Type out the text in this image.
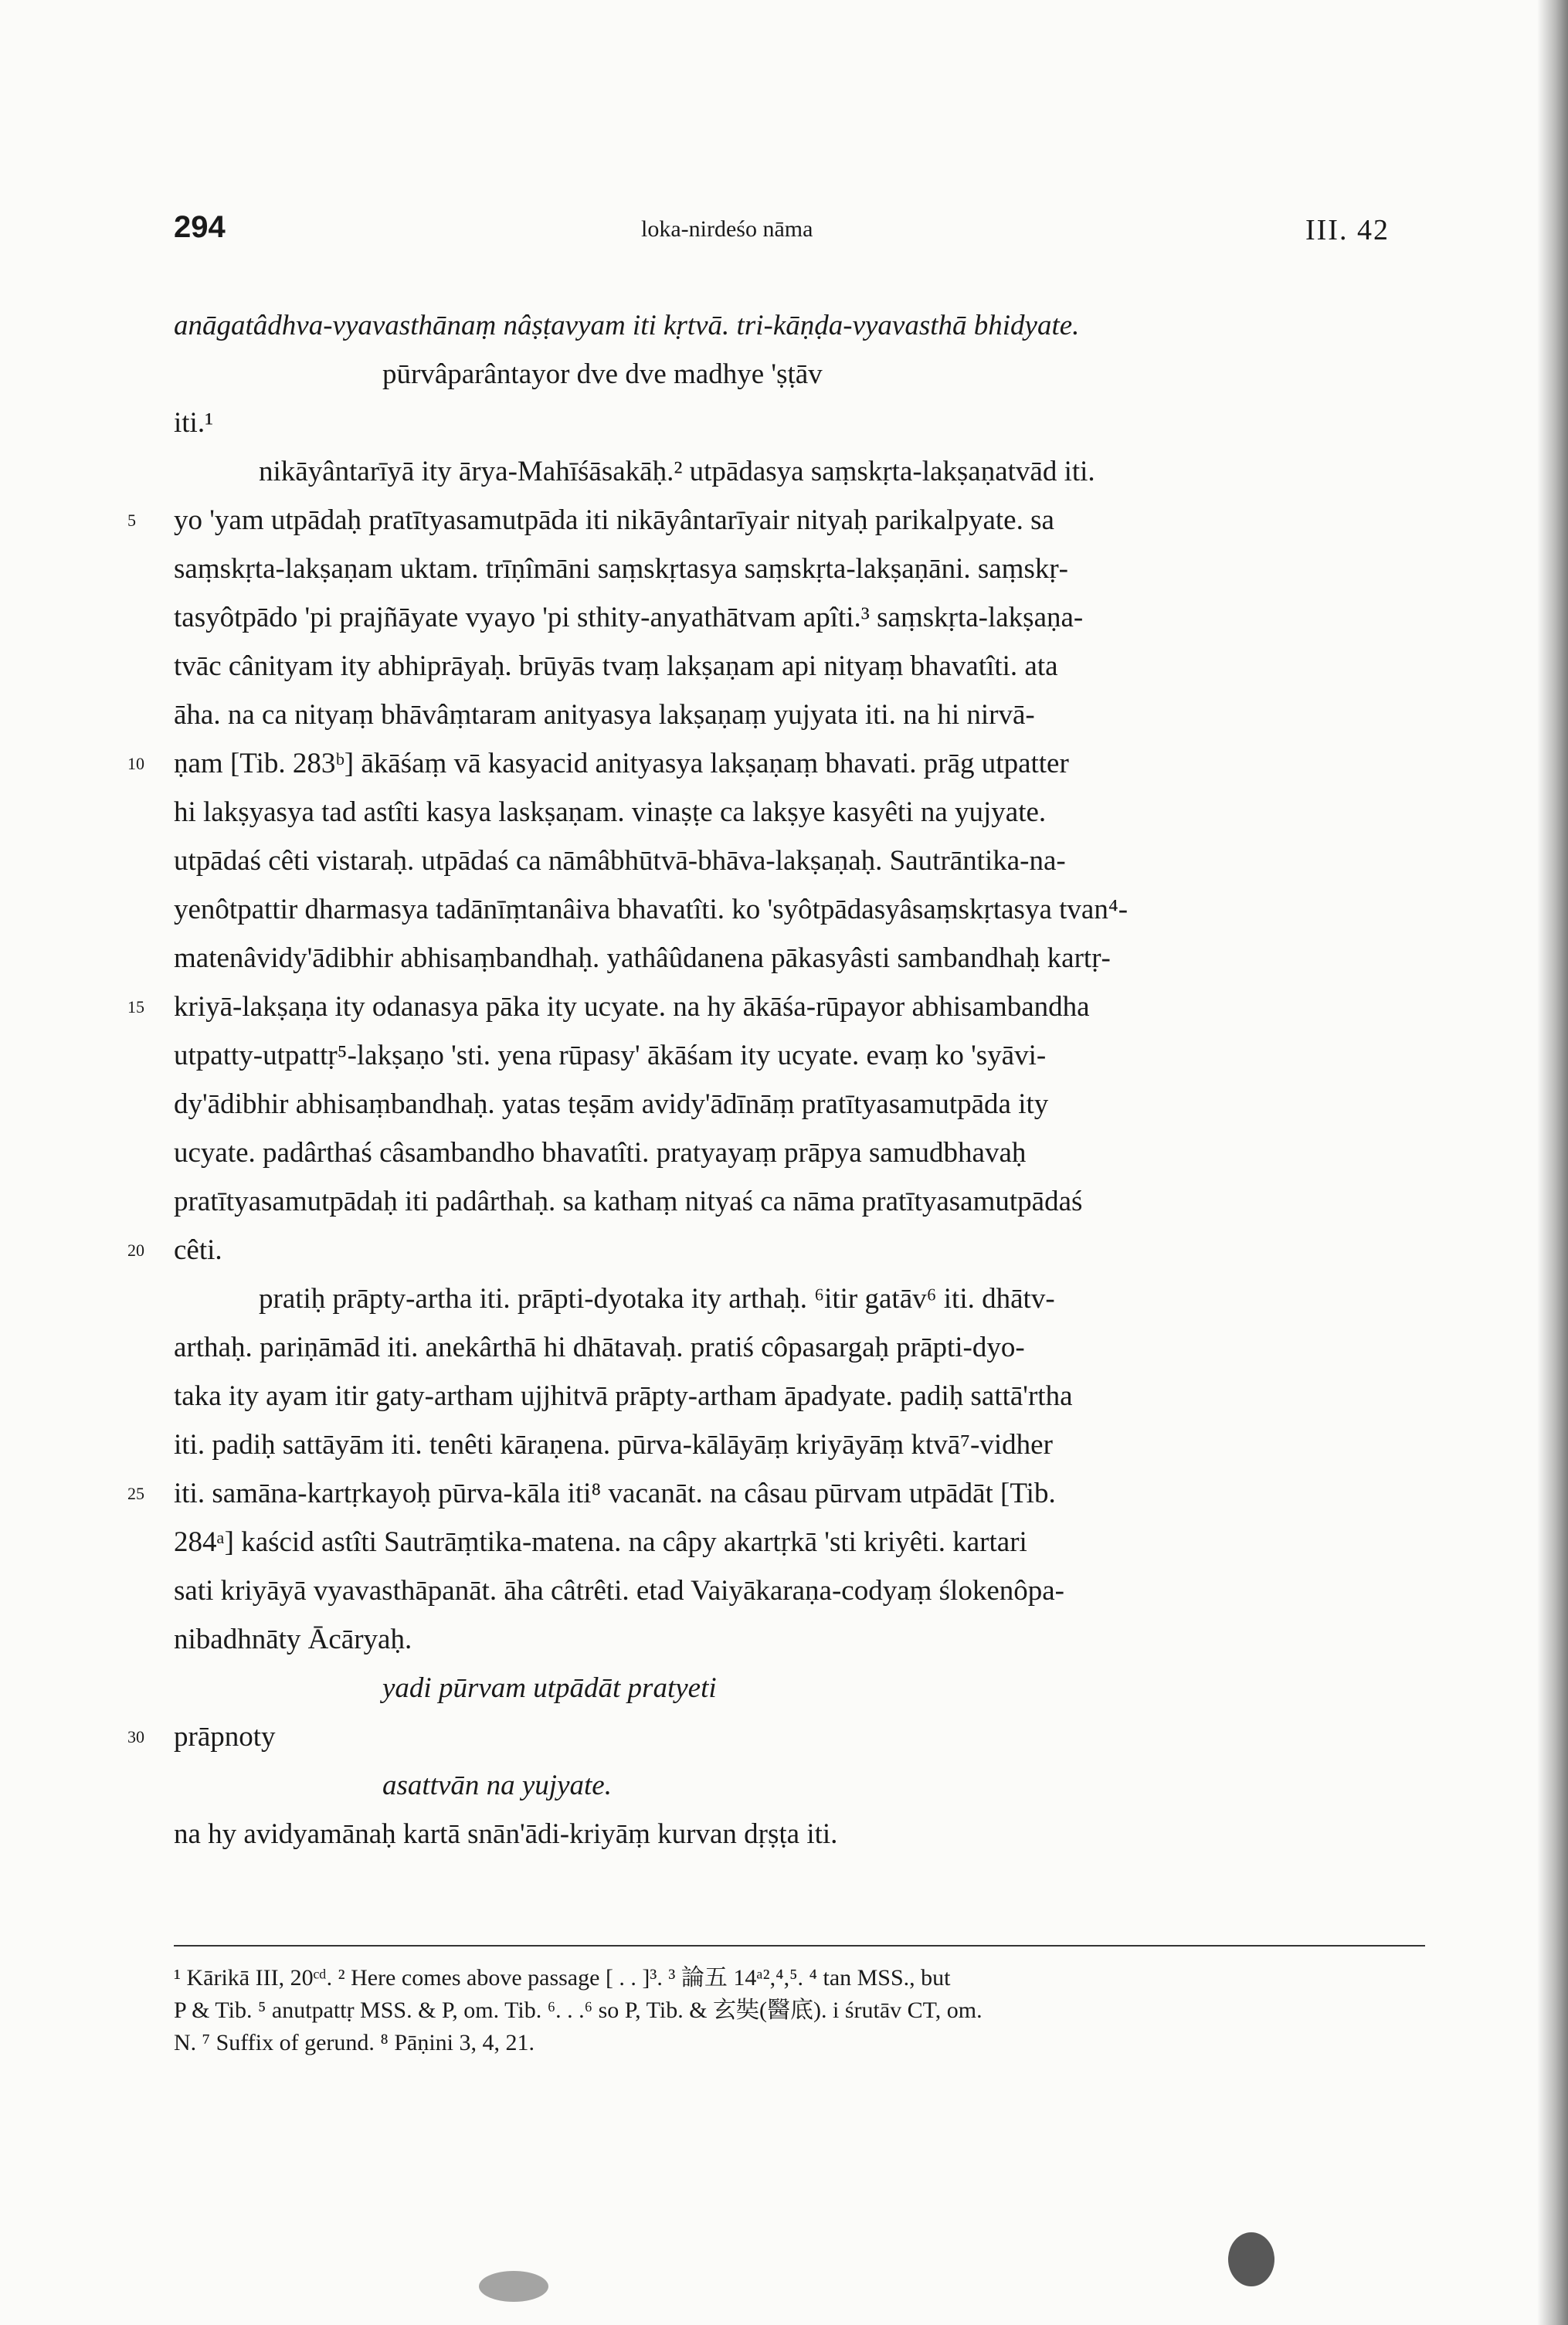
294	loka-nirdeśo nāma	III. 42
anāgatâdhva-vyavasthānaṃ nâṣṭavyam iti kṛtvā. tri-kāṇḍa-vyavasthā bhidyate.
pūrvâparântayor dve dve madhye 'ṣṭāv
iti.¹
nikāyântarīyā ity ārya-Mahīśāsakāḥ.² utpādasya saṃskṛta-lakṣaṇatvād iti.
5 yo 'yam utpādaḥ pratītyasamutpāda iti nikāyântarīyair nityaḥ parikalpyate. sa
saṃskṛta-lakṣaṇam uktam. trīṇîmāni saṃskṛtasya saṃskṛta-lakṣaṇāni. saṃskṛ-
tasyôtpādo 'pi prajñāyate vyayo 'pi sthity-anyathātvam apîti.³ saṃskṛta-lakṣaṇa-
tvāc cânityam ity abhiprāyaḥ. brūyās tvaṃ lakṣaṇam api nityaṃ bhavatîti. ata
āha. na ca nityaṃ bhāvâṃtaram anityasya lakṣaṇaṃ yujyata iti. na hi nirvā-
10 ṇam [Tib. 283ᵇ] ākāśaṃ vā kasyacid anityasya lakṣaṇaṃ bhavati. prāg utpatter
hi lakṣyasya tad astîti kasya laskṣaṇam. vinaṣṭe ca lakṣye kasyêti na yujyate.
utpādaś cêti vistaraḥ. utpādaś ca nāmâbhūtvā-bhāva-lakṣaṇaḥ. Sautrāntika-na-
yenôtpattir dharmasya tadānīṃtanâiva bhavatîti. ko 'syôtpādasyâsaṃskṛtasya tvan⁴-
matenâvidy'ādibhir abhisaṃbandhaḥ. yathâûdanena pākasyâsti sambandhaḥ kartṛ-
15 kriyā-lakṣaṇa ity odanasya pāka ity ucyate. na hy ākāśa-rūpayor abhisambandha
utpatty-utpattṛ⁵-lakṣaṇo 'sti. yena rūpasy' ākāśam ity ucyate. evaṃ ko 'syāvi-
dy'ādibhir abhisaṃbandhaḥ. yatas teṣām avidy'ādīnāṃ pratītyasamutpāda ity
ucyate. padârthaś câsambandho bhavatîti. pratyayaṃ prāpya samudbhavaḥ
pratītyasamutpādaḥ iti padârthaḥ. sa kathaṃ nityaś ca nāma pratītyasamutpādaś
20 cêti.
pratiḥ prāpty-artha iti. prāpti-dyotaka ity arthaḥ. ⁶itir gatāv⁶ iti. dhātv-
arthaḥ. pariṇāmād iti. anekârthā hi dhātavaḥ. pratiś côpasargaḥ prāpti-dyo-
taka ity ayam itir gaty-artham ujjhitvā prāpty-artham āpadyate. padiḥ sattā'rtha
iti. padiḥ sattāyām iti. tenêti kāraṇena. pūrva-kālāyāṃ kriyāyāṃ ktvā⁷-vidher
25 iti. samāna-kartṛkayoḥ pūrva-kāla iti⁸ vacanāt. na câsau pūrvam utpādāt [Tib.
284ᵃ] kaścid astîti Sautrāṃtika-matena. na câpy akartṛkā 'sti kriyêti. kartari
sati kriyāyā vyavasthāpanāt. āha câtrêti. etad Vaiyākaraṇa-codyaṃ ślokenôpa-
nibadhnāty Ācāryaḥ.
yadi pūrvam utpādāt pratyeti
30 prāpnoty
asattvān na yujyate.
na hy avidyamānaḥ kartā snān'ādi-kriyāṃ kurvan dṛṣṭa iti.
¹ Kārikā III, 20ᶜᵈ. ² Here comes above passage [ . . ]³. ³ 論五 14ᵃ²,⁴,⁵. ⁴ tan MSS., but
P & Tib. ⁵ anutpattṛ MSS. & P, om. Tib. ⁶. . .⁶ so P, Tib. & 玄奘(醫底). i śrutāv CT, om.
N. ⁷ Suffix of gerund. ⁸ Pāṇini 3, 4, 21.
